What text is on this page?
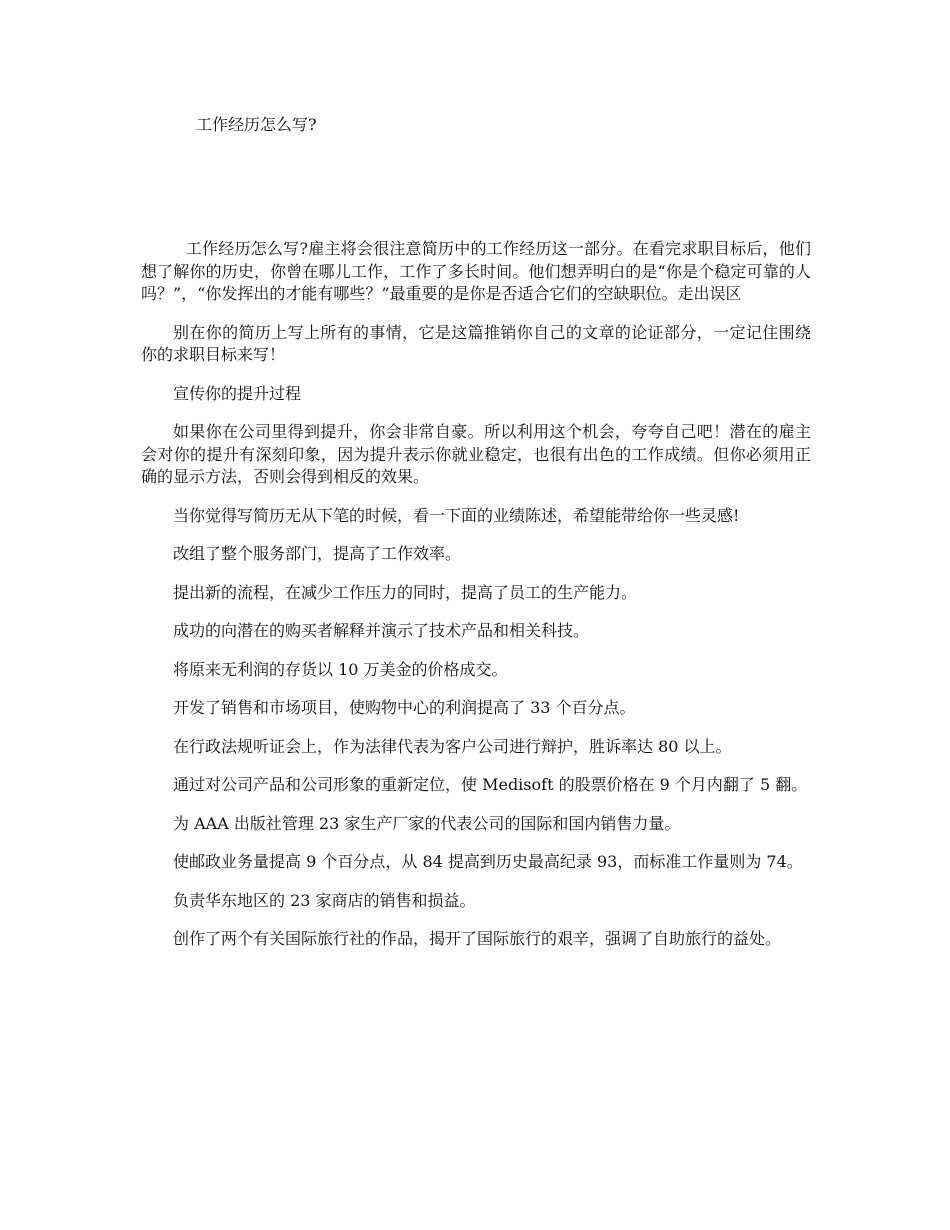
工作经历怎么写?

工作经历怎么写?雇主将会很注意简历中的工作经历这一部分。在看完求职目标后，他们想了解你的历史，你曾在哪儿工作，工作了多长时间。他们想弄明白的是“你是个稳定可靠的人吗？”，“你发挥出的才能有哪些？”最重要的是你是否适合它们的空缺职位。走出误区

别在你的简历上写上所有的事情，它是这篇推销你自己的文章的论证部分，一定记住围绕你的求职目标来写！

宣传你的提升过程

如果你在公司里得到提升，你会非常自豪。所以利用这个机会，夸夸自己吧！潜在的雇主会对你的提升有深刻印象，因为提升表示你就业稳定，也很有出色的工作成绩。但你必须用正确的显示方法，否则会得到相反的效果。

当你觉得写简历无从下笔的时候，看一下面的业绩陈述，希望能带给你一些灵感!

改组了整个服务部门，提高了工作效率。

提出新的流程，在减少工作压力的同时，提高了员工的生产能力。

成功的向潜在的购买者解释并演示了技术产品和相关科技。

将原来无利润的存货以 10 万美金的价格成交。

开发了销售和市场项目，使购物中心的利润提高了 33 个百分点。

在行政法规听证会上，作为法律代表为客户公司进行辩护，胜诉率达 80 以上。

通过对公司产品和公司形象的重新定位，使 Medisoft 的股票价格在 9 个月内翻了 5 翻。

为 AAA 出版社管理 23 家生产厂家的代表公司的国际和国内销售力量。

使邮政业务量提高 9 个百分点，从 84 提高到历史最高纪录 93，而标准工作量则为 74。

负责华东地区的 23 家商店的销售和损益。

创作了两个有关国际旅行社的作品，揭开了国际旅行的艰辛，强调了自助旅行的益处。
